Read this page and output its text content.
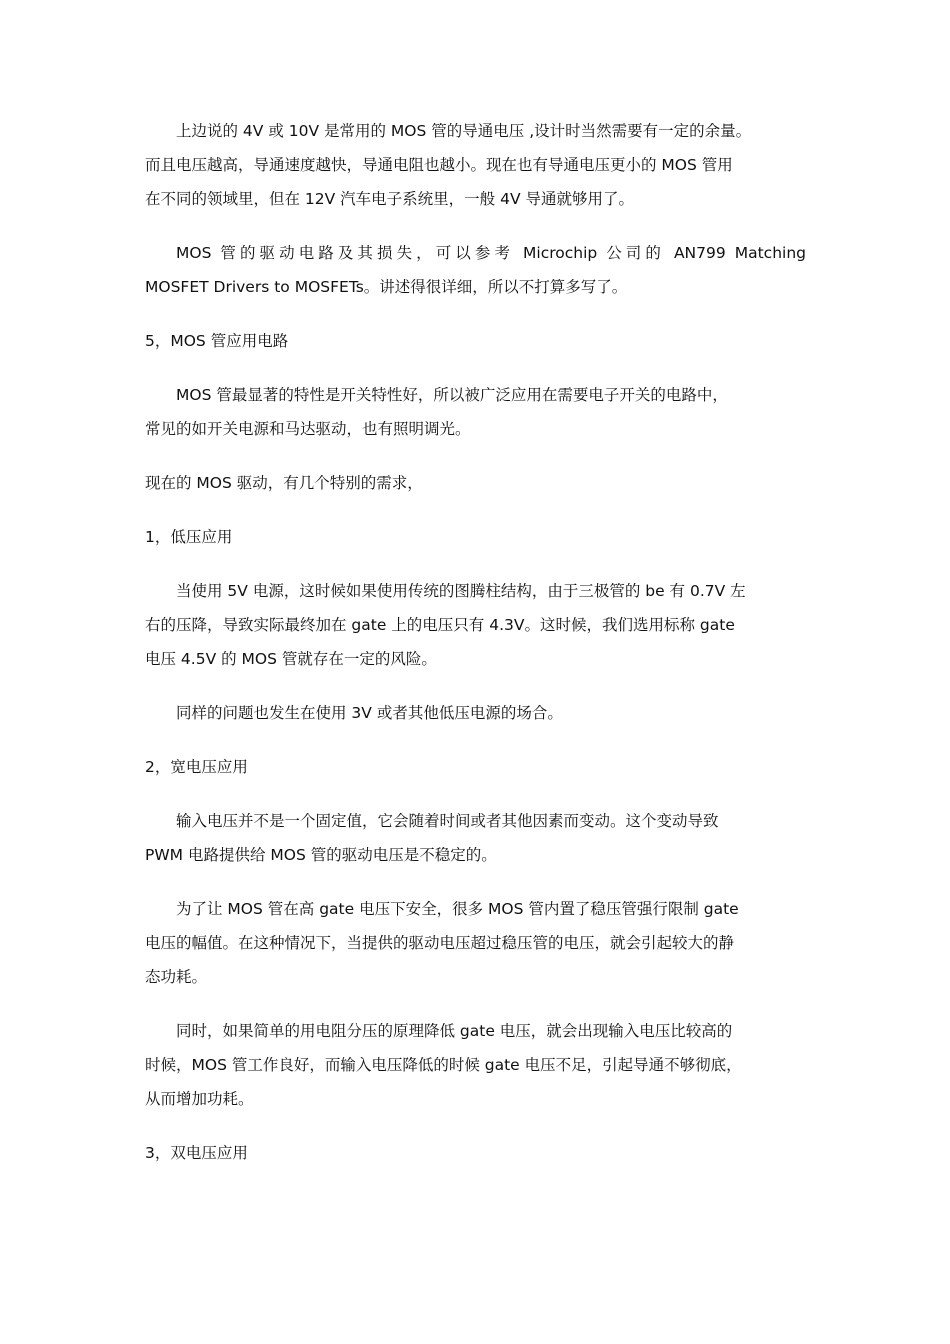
上边说的 4V 或 10V 是常用的 MOS 管的导通电压 ,设计时当然需要有一定的余量。
而且电压越高，导通速度越快，导通电阻也越小。现在也有导通电压更小的 MOS 管用
在不同的领域里，但在 12V 汽车电子系统里，一般 4V 导通就够用了。

MOS 管的驱动电路及其损失，可以参考 Microchip 公司的 AN799 Matching
MOSFET Drivers to MOSFETs。讲述得很详细，所以不打算多写了。

5，MOS 管应用电路

MOS 管最显著的特性是开关特性好，所以被广泛应用在需要电子开关的电路中，
常见的如开关电源和马达驱动，也有照明调光。

现在的 MOS 驱动，有几个特别的需求，

1，低压应用

当使用 5V 电源，这时候如果使用传统的图腾柱结构，由于三极管的 be 有 0.7V 左
右的压降，导致实际最终加在 gate 上的电压只有 4.3V。这时候，我们选用标称 gate
电压 4.5V 的 MOS 管就存在一定的风险。

同样的问题也发生在使用 3V 或者其他低压电源的场合。

2，宽电压应用

输入电压并不是一个固定值，它会随着时间或者其他因素而变动。这个变动导致
PWM 电路提供给 MOS 管的驱动电压是不稳定的。

为了让 MOS 管在高 gate 电压下安全，很多 MOS 管内置了稳压管强行限制 gate
电压的幅值。在这种情况下，当提供的驱动电压超过稳压管的电压，就会引起较大的静
态功耗。

同时，如果简单的用电阻分压的原理降低 gate 电压，就会出现输入电压比较高的
时候，MOS 管工作良好，而输入电压降低的时候 gate 电压不足，引起导通不够彻底，
从而增加功耗。

3，双电压应用
